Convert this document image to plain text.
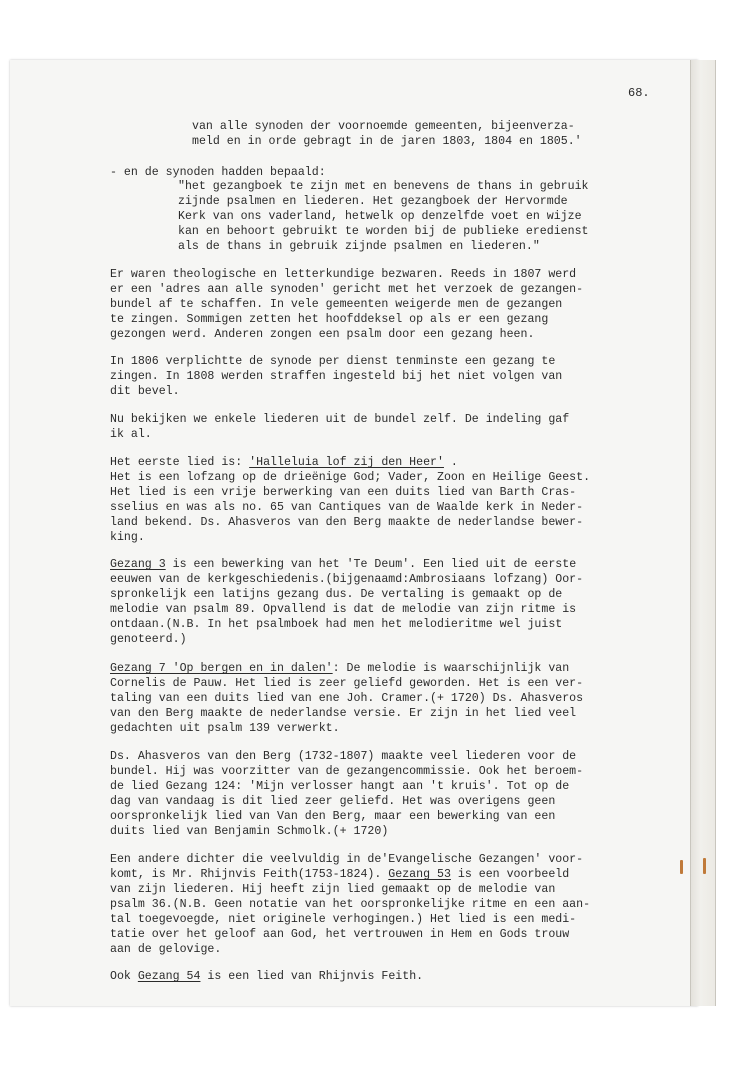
68.
van alle synoden der voornoemde gemeenten, bijeenverza-
meld en in orde gebragt in de jaren 1803, 1804 en 1805.'
- en de synoden hadden bepaald:
"het gezangboek te zijn met en benevens de thans in gebruik
zijnde psalmen en liederen. Het gezangboek der Hervormde
Kerk van ons vaderland, hetwelk op denzelfde voet en wijze
kan en behoort gebruikt te worden bij de publieke eredienst
als de thans in gebruik zijnde psalmen en liederen."
Er waren theologische en letterkundige bezwaren. Reeds in 1807 werd
er een 'adres aan alle synoden' gericht met het verzoek de gezangen-
bundel af te schaffen. In vele gemeenten weigerde men de gezangen
te zingen. Sommigen zetten het hoofddeksel op als er een gezang
gezongen werd. Anderen zongen een psalm door een gezang heen.
In 1806 verplichtte de synode per dienst tenminste een gezang te
zingen. In 1808 werden straffen ingesteld bij het niet volgen van
dit bevel.
Nu bekijken we enkele liederen uit de bundel zelf. De indeling gaf
ik al.
Het eerste lied is: 'Halleluia lof zij den Heer' .
Het is een lofzang op de drieënige God; Vader, Zoon en Heilige Geest.
Het lied is een vrije berwerking van een duits lied van Barth Cras-
sselius en was als no. 65 van Cantiques van de Waalde kerk in Neder-
land bekend. Ds. Ahasveros van den Berg maakte de nederlandse bewer-
king.
Gezang 3 is een bewerking van het 'Te Deum'. Een lied uit de eerste
eeuwen van de kerkgeschiedenis.(bijgenaamd:Ambrosiaans lofzang) Oor-
spronkelijk een latijns gezang dus. De vertaling is gemaakt op de
melodie van psalm 89. Opvallend is dat de melodie van zijn ritme is
ontdaan.(N.B. In het psalmboek had men het melodieritme wel juist
genoteerd.)
Gezang 7 'Op bergen en in dalen': De melodie is waarschijnlijk van
Cornelis de Pauw. Het lied is zeer geliefd geworden. Het is een ver-
taling van een duits lied van ene Joh. Cramer.(+ 1720) Ds. Ahasveros
van den Berg maakte de nederlandse versie. Er zijn in het lied veel
gedachten uit psalm 139 verwerkt.
Ds. Ahasveros van den Berg (1732-1807) maakte veel liederen voor de
bundel. Hij was voorzitter van de gezangencommissie. Ook het beroem-
de lied Gezang 124: 'Mijn verlosser hangt aan 't kruis'. Tot op de
dag van vandaag is dit lied zeer geliefd. Het was overigens geen
oorspronkelijk lied van Van den Berg, maar een bewerking van een
duits lied van Benjamin Schmolk.(+ 1720)
Een andere dichter die veelvuldig in de'Evangelische Gezangen' voor-
komt, is Mr. Rhijnvis Feith(1753-1824). Gezang 53 is een voorbeeld
van zijn liederen. Hij heeft zijn lied gemaakt op de melodie van
psalm 36.(N.B. Geen notatie van het oorspronkelijke ritme en een aan-
tal toegevoegde, niet originele verhogingen.) Het lied is een medi-
tatie over het geloof aan God, het vertrouwen in Hem en Gods trouw
aan de gelovige.
Ook Gezang 54 is een lied van Rhijnvis Feith.
